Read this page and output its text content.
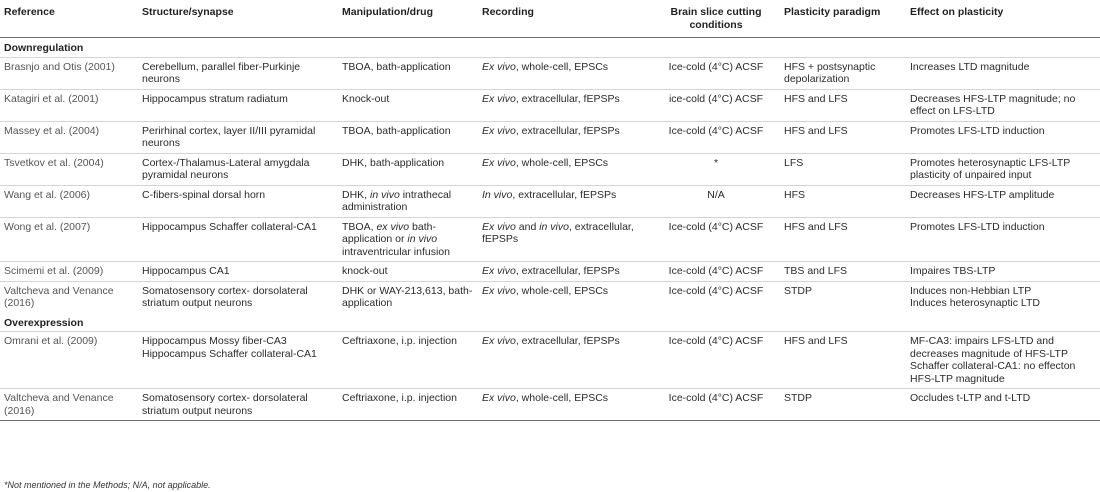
Reference	Structure/synapse	Manipulation/drug	Recording	Brain slice cutting conditions	Plasticity paradigm	Effect on plasticity
Downregulation						
Brasnjo and Otis (2001)	Cerebellum, parallel fiber-Purkinje neurons	TBOA, bath-application	Ex vivo, whole-cell, EPSCs	Ice-cold (4°C) ACSF	HFS + postsynaptic depolarization	Increases LTD magnitude
Katagiri et al. (2001)	Hippocampus stratum radiatum	Knock-out	Ex vivo, extracellular, fEPSPs	ice-cold (4°C) ACSF	HFS and LFS	Decreases HFS-LTP magnitude; no effect on LFS-LTD
Massey et al. (2004)	Perirhinal cortex, layer II/III pyramidal neurons	TBOA, bath-application	Ex vivo, extracellular, fEPSPs	Ice-cold (4°C) ACSF	HFS and LFS	Promotes LFS-LTD induction
Tsvetkov et al. (2004)	Cortex-/Thalamus-Lateral amygdala pyramidal neurons	DHK, bath-application	Ex vivo, whole-cell, EPSCs	*	LFS	Promotes heterosynaptic LFS-LTP plasticity of unpaired input
Wang et al. (2006)	C-fibers-spinal dorsal horn	DHK, in vivo intrathecal administration	In vivo, extracellular, fEPSPs	N/A	HFS	Decreases HFS-LTP amplitude
Wong et al. (2007)	Hippocampus Schaffer collateral-CA1	TBOA, ex vivo bath-application or in vivo intraventricular infusion	Ex vivo and in vivo, extracellular, fEPSPs	Ice-cold (4°C) ACSF	HFS and LFS	Promotes LFS-LTD induction
Scimemi et al. (2009)	Hippocampus CA1	knock-out	Ex vivo, extracellular, fEPSPs	Ice-cold (4°C) ACSF	TBS and LFS	Impaires TBS-LTP
Valtcheva and Venance (2016)	Somatosensory cortex- dorsolateral striatum output neurons	DHK or WAY-213,613, bath-application	Ex vivo, whole-cell, EPSCs	Ice-cold (4°C) ACSF	STDP	Induces non-Hebbian LTP
Induces heterosynaptic LTD

Overexpression						
Omrani et al. (2009)	Hippocampus Mossy fiber-CA3 Hippocampus Schaffer collateral-CA1	Ceftriaxone, i.p. injection	Ex vivo, extracellular, fEPSPs	Ice-cold (4°C) ACSF	HFS and LFS	MF-CA3: impairs LFS-LTD and decreases magnitude of HFS-LTP Schaffer collateral-CA1: no effecton HFS-LTP magnitude
Valtcheva and Venance (2016)	Somatosensory cortex- dorsolateral striatum output neurons	Ceftriaxone, i.p. injection	Ex vivo, whole-cell, EPSCs	Ice-cold (4°C) ACSF	STDP	Occludes t-LTP and t-LTD
*Not mentioned in the Methods; N/A, not applicable.
